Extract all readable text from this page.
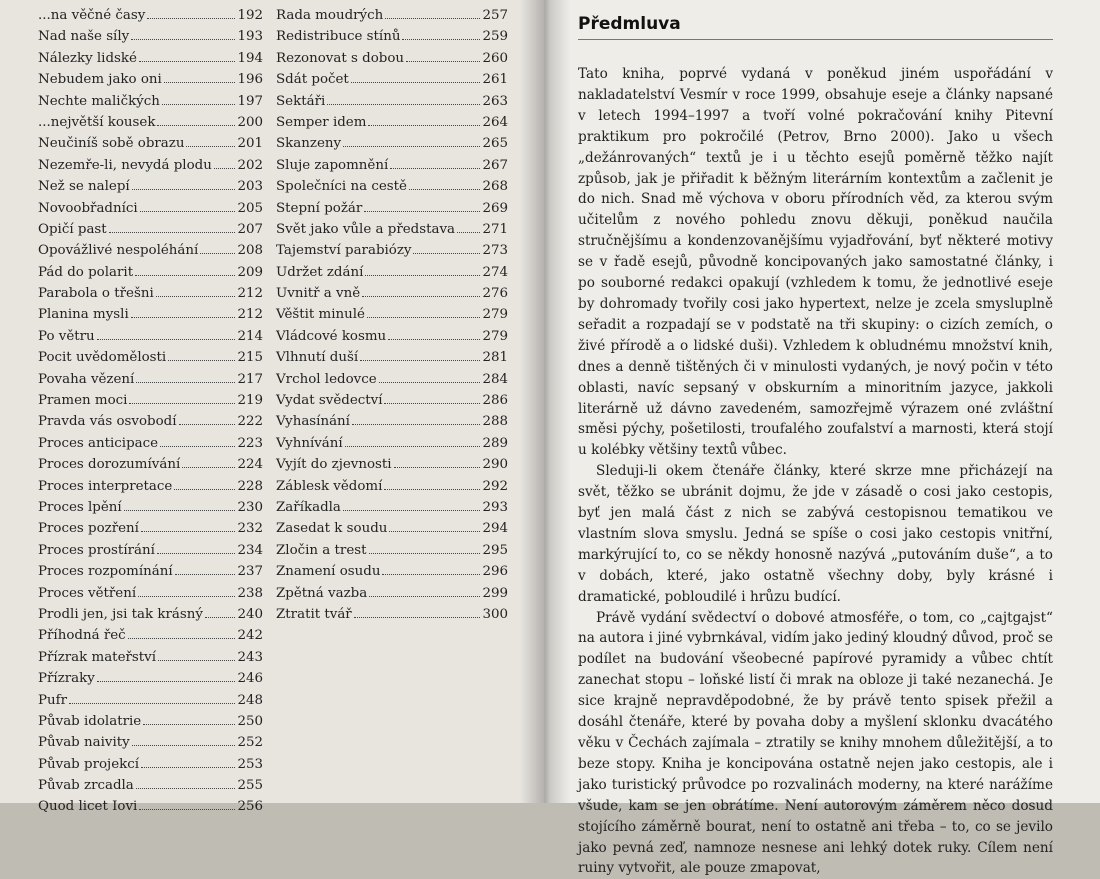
...na věčné časy	192
Nad naše síly	193
Nálezky lidské	194
Nebudem jako oni	196
Nechte maličkých	197
...největší kousek	200
Neučiníš sobě obrazu	201
Nezemře-li, nevydá plodu 202
Než se nalepí	203
Novoobřadníci	205
Opičí past	207
Opovážlivé nespoléhání	208
Pád do polarit	209
Parabola o třešni	212
Planina mysli	212
Po větru	214
Pocit uvědomělosti	215
Povaha vězení	217
Pramen moci	219
Pravda vás osvobodí	222
Proces anticipace	223
Proces dorozumívání	224
Proces interpretace	228
Proces lpění	230
Proces pozření	232
Proces prostírání	234
Proces rozpomínání	237
Proces větření	238
Prodli jen, jsi tak krásný	240
Příhodná řeč	242
Přízrak mateřství	243
Přízraky	246
Pufr	248
Půvab idolatrie	250
Půvab naivity	252
Půvab projekcí	253
Půvab zrcadla	255
Quod licet Iovi	256
Rada moudrých	257
Redistribuce stínů	259
Rezonovat s dobou	260
Sdát počet	261
Sektáři	263
Semper idem	264
Skanzeny	265
Sluje zapomnění	267
Společníci na cestě	268
Stepní požár	269
Svět jako vůle a představa 271
Tajemství parabiózy	273
Udržet zdání	274
Uvnitř a vně	276
Věštit minulé	279
Vládcové kosmu	279
Vlhnutí duší	281
Vrchol ledovce	284
Vydat svědectví	286
Vyhasínání	288
Vyhnívání	289
Vyjít do zjevnosti	290
Záblesk vědomí	292
Zaříkadla	293
Zasedat k soudu	294
Zločin a trest	295
Znamení osudu	296
Zpětná vazba	299
Ztratit tvář	300
Předmluva

Tato kniha, poprvé vydaná v poněkud jiném uspořádání v nakladatelství Vesmír v roce 1999, obsahuje eseje a články napsané v letech 1994–1997 a tvoří volné pokračování knihy Pitevní praktikum pro pokročilé (Petrov, Brno 2000). Jako u všech „dežánrovaných“ textů je i u těchto esejů poměrně těžko najít způsob, jak je přiřadit k běžným literárním kontextům a začlenit je do nich. Snad mě výchova v oboru přírodních věd, za kterou svým učitelům z nového pohledu znovu děkuji, poněkud naučila stručnějšímu a kondenzovanějšímu vyjadřování, byť některé motivy se v řadě esejů, původně koncipovaných jako samostatné články, i po souborné redakci opakují (vzhledem k tomu, že jednotlivé eseje by dohromady tvořily cosi jako hypertext, nelze je zcela smysluplně seřadit a rozpadají se v podstatě na tři skupiny: o cizích zemích, o živé přírodě a o lidské duši). Vzhledem k obludnému množství knih, dnes a denně tištěných či v minulosti vydaných, je nový počin v této oblasti, navíc sepsaný v obskurním a minoritním jazyce, jakkoli literárně už dávno zavedeném, samozřejmě výrazem oné zvláštní směsi pýchy, pošetilosti, troufalého zoufalství a marnosti, která stojí u kolébky většiny textů vůbec.

Sleduji-li okem čtenáře články, které skrze mne přicházejí na svět, těžko se ubránit dojmu, že jde v zásadě o cosi jako cestopis, byť jen malá část z nich se zabývá cestopisnou tematikou ve vlastním slova smyslu. Jedná se spíše o cosi jako cestopis vnitřní, markýrující to, co se někdy honosně nazývá „putováním duše“, a to v dobách, které, jako ostatně všechny doby, byly krásné i dramatické, pobloudilé i hrůzu budící.

Právě vydání svědectví o dobové atmosféře, o tom, co „cajtgajst“ na autora i jiné vybrnkával, vidím jako jediný kloudný důvod, proč se podílet na budování všeobecné papírové pyramidy a vůbec chtít zanechat stopu – loňské listí či mrak na obloze ji také nezanechá. Je sice krajně nepravděpodobné, že by právě tento spisek přežil a dosáhl čtenáře, které by povaha doby a myšlení sklonku dvacátého věku v Čechách zajímala – ztratily se knihy mnohem důležitější, a to beze stopy. Kniha je koncipována ostatně nejen jako cestopis, ale i jako turistický průvodce po rozvalinách moderny, na které narážíme všude, kam se jen obrátíme. Není autorovým záměrem něco dosud stojícího záměrně bourat, není to ostatně ani třeba – to, co se jevilo jako pevná zeď, namnoze nesnese ani lehký dotek ruky. Cílem není ruiny vytvořit, ale pouze zmapovat,
